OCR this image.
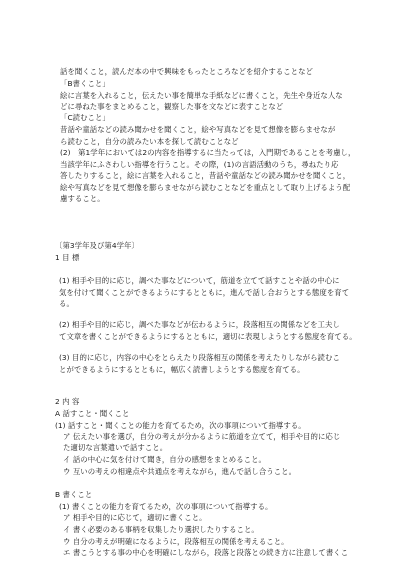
話を聞くこと，読んだ本の中で興味をもったところなどを紹介することなど
「B書くこと」
絵に言葉を入れること，伝えたい事を簡単な手紙などに書くこと，先生や身近な人な
どに尋ねた事をまとめること，観察した事を文などに表すことなど
「C読むこと」
昔話や童話などの読み聞かせを聞くこと，絵や写真などを見て想像を膨らませなが
ら読むこと，自分の読みたい本を探して読むことなど
(2)　第1学年においては2の内容を指導するに当たっては，入門期であることを考慮し，
当該学年にふさわしい指導を行うこと。その際，(1)の言語活動のうち，尋ねたり応
答したりすること，絵に言葉を入れること，昔話や童話などの読み聞かせを聞くこと，
絵や写真などを見て想像を膨らませながら読むことなどを重点として取り上げるよう配
慮すること。
〔第3学年及び第4学年〕
1 目 標
(1) 相手や目的に応じ，調べた事などについて，筋道を立てて話すことや話の中心に
気を付けて聞くことができるようにするとともに，進んで話し合おうとする態度を育て
る。
(2) 相手や目的に応じ，調べた事などが伝わるように，段落相互の関係などを工夫し
て文章を書くことができるようにするとともに，適切に表現しようとする態度を育てる。
(3) 目的に応じ，内容の中心をとらえたり段落相互の関係を考えたりしながら読むこ
とができるようにするとともに，幅広く読書しようとする態度を育てる。
2 内 容
A 話すこと・聞くこと
(1) 話すこと・聞くことの能力を育てるため，次の事項について指導する。
ア 伝えたい事を選び，自分の考えが分かるように筋道を立てて，相手や目的に応じ
た適切な言葉遣いで話すこと。
イ 話の中心に気を付けて聞き，自分の感想をまとめること。
ウ 互いの考えの相違点や共通点を考えながら，進んで話し合うこと。
B 書くこと
(1) 書くことの能力を育てるため，次の事項について指導する。
ア 相手や目的に応じて，適切に書くこと。
イ 書く必要のある事柄を収集したり選択したりすること。
ウ 自分の考えが明確になるように，段落相互の関係を考えること。
エ 書こうとする事の中心を明確にしながら，段落と段落との続き方に注意して書くこ
